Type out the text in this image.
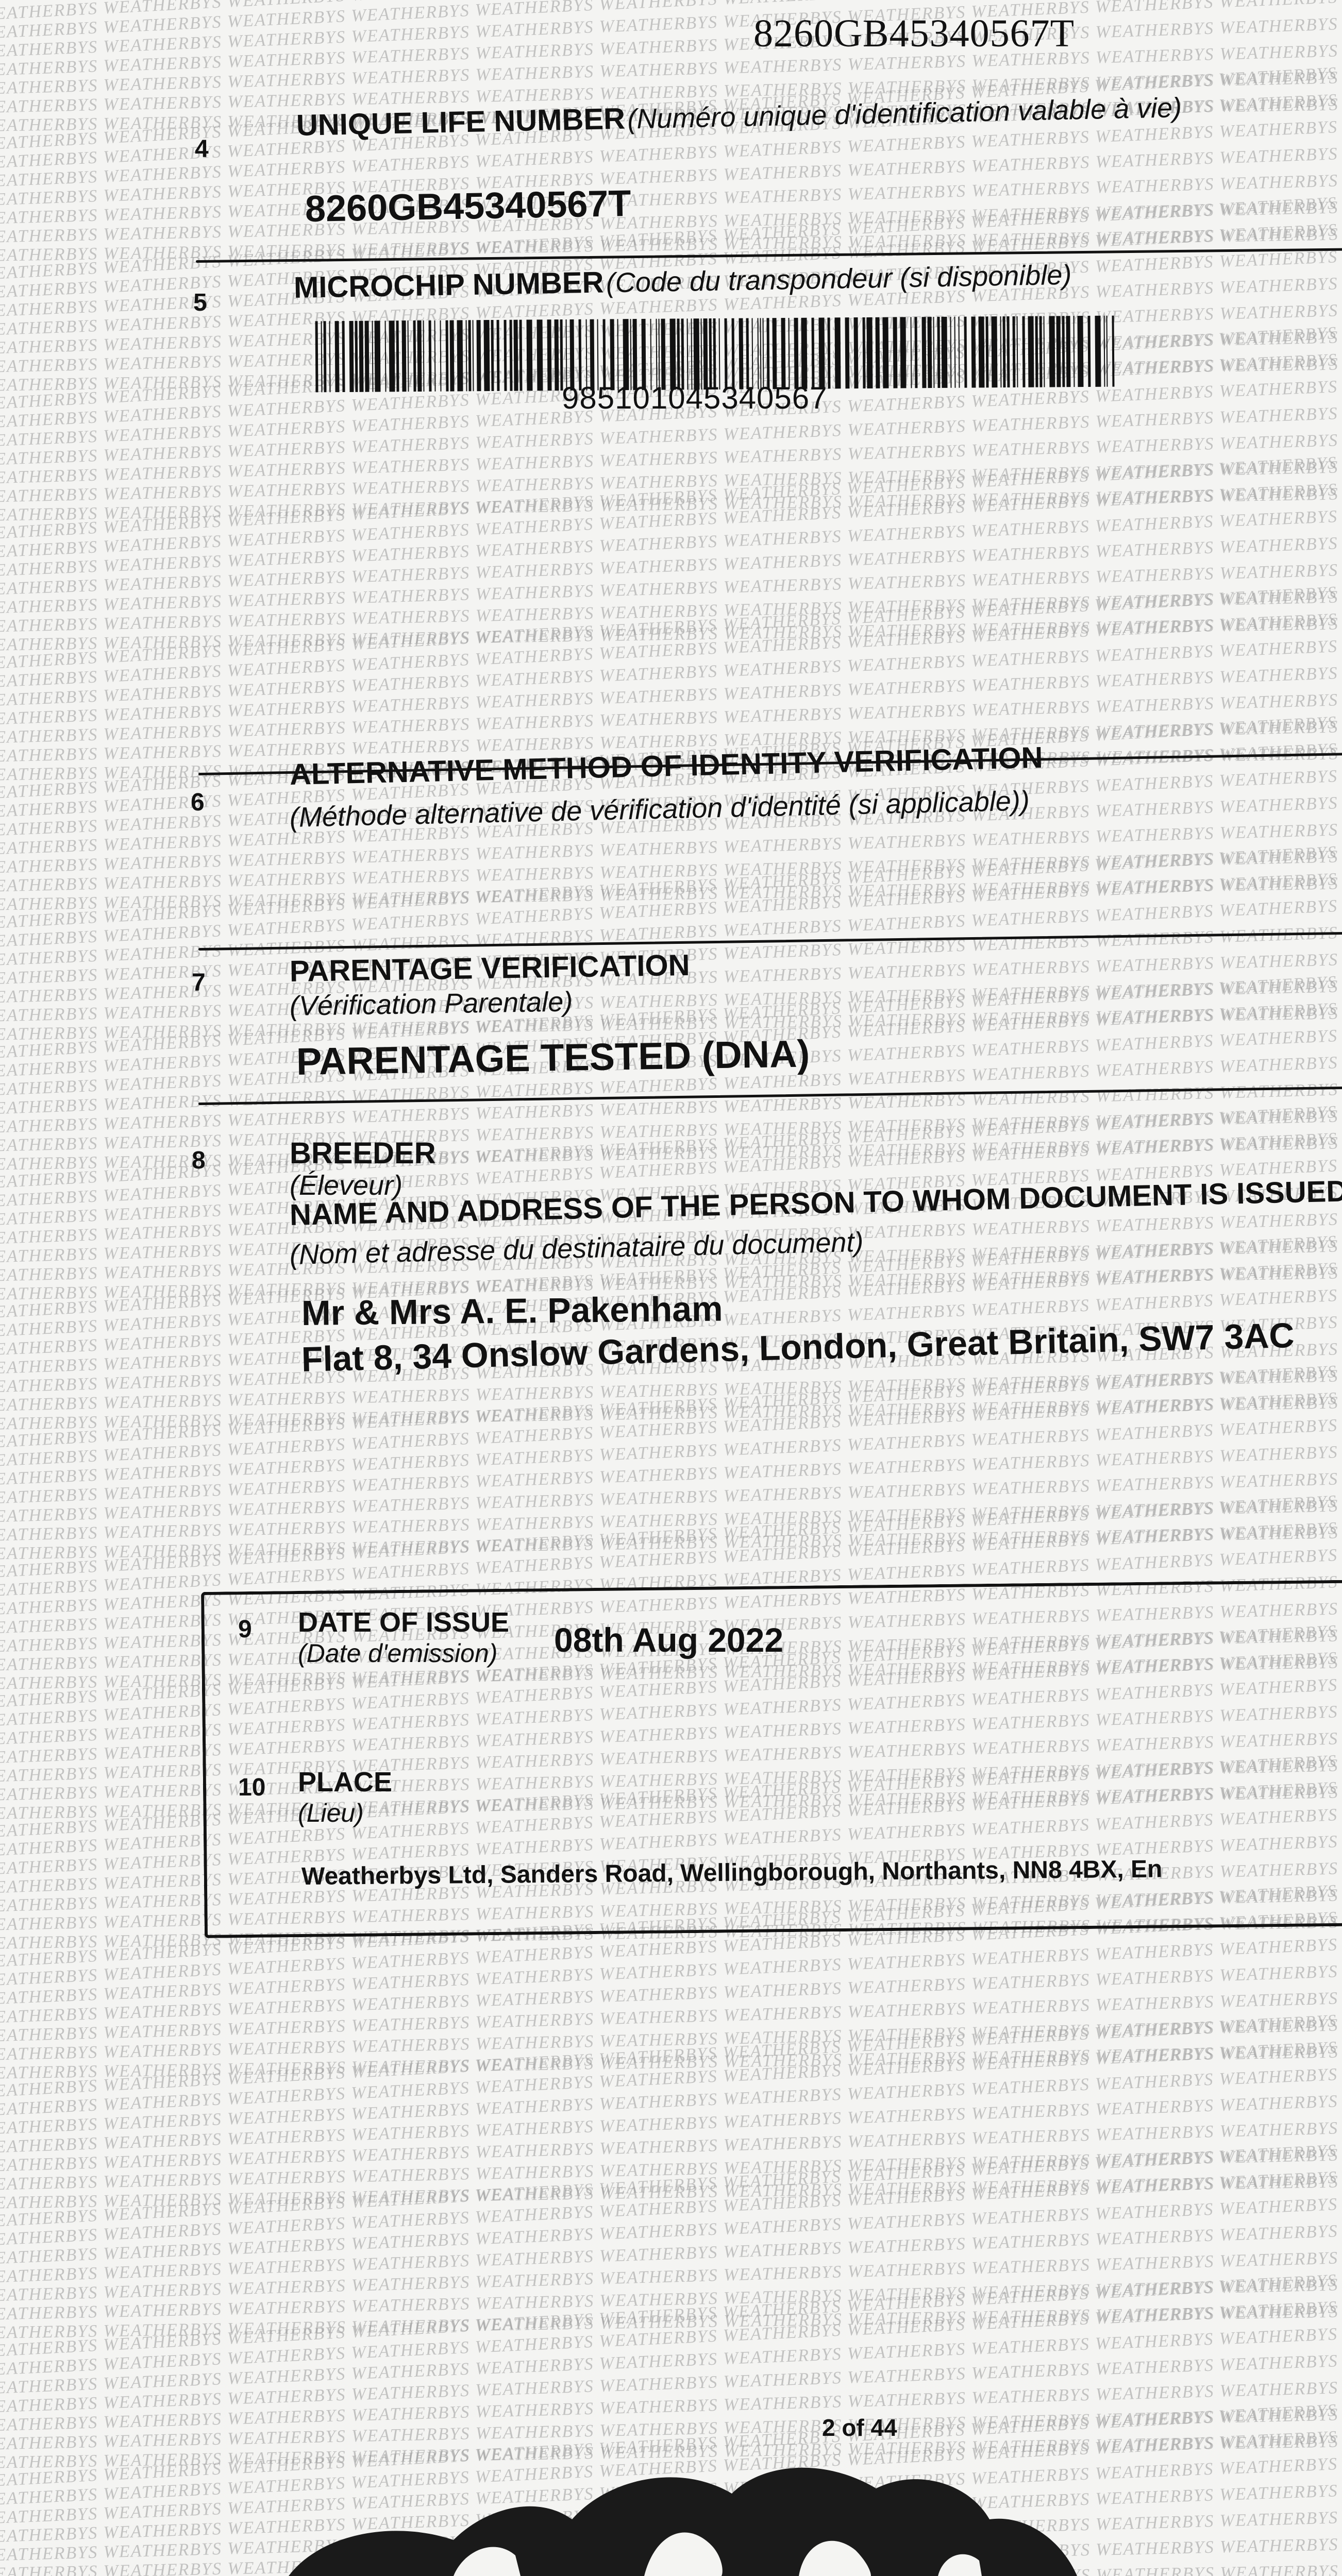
WEATHERBYS WEATHERBYS WEATHERBYS WEATHERBYS WEATHERBYS WEATHERBYS WEATHERBYS WEATHERBYS WEATHERBYS WEATHERBYS WEATHERBYS
WEATHERBYS WEATHERBYS WEATHERBYS WEATHERBYS WEATHERBYS WEATHERBYS WEATHERBYS WEATHERBYS WEATHERBYS WEATHERBYS WEATHERBYS
WEATHERBYS WEATHERBYS WEATHERBYS WEATHERBYS WEATHERBYS WEATHERBYS WEATHERBYS WEATHERBYS WEATHERBYS WEATHERBYS WEATHERBYS
WEATHERBYS WEATHERBYS WEATHERBYS WEATHERBYS WEATHERBYS WEATHERBYS WEATHERBYS WEATHERBYS WEATHERBYS WEATHERBYS WEATHERBYS
WEATHERBYS WEATHERBYS WEATHERBYS WEATHERBYS WEATHERBYS WEATHERBYS WEATHERBYS WEATHERBYS WEATHERBYS WEATHERBYS WEATHERBYS
WEATHERBYS WEATHERBYS WEATHERBYS WEATHERBYS WEATHERBYS WEATHERBYS WEATHERBYS WEATHERBYS WEATHERBYS WEATHERBYS WEATHERBYS
WEATHERBYS WEATHERBYS WEATHERBYS WEATHERBYS WEATHERBYS WEATHERBYS WEATHERBYS WEATHERBYS WEATHERBYS WEATHERBYS WEATHERBYS
WEATHERBYS WEATHERBYS WEATHERBYS WEATHERBYS WEATHERBYS WEATHERBYS WEATHERBYS WEATHERBYS WEATHERBYS WEATHERBYS WEATHERBYS
WEATHERBYS WEATHERBYS WEATHERBYS WEATHERBYS WEATHERBYS WEATHERBYS WEATHERBYS WEATHERBYS WEATHERBYS WEATHERBYS
WEATHERBYS WEATHERBYS WEATHERBYS WEATHERBYS WEATHERBYS WEATHERBYS WEATHERBYS WEATHERBYS WEATHERBYS WEATHERBYS WEATHERBYS
WEATHERBYS WEATHERBYS WEATHERBYS WEATHERBYS WEATHERBYS WEATHERBYS WEATHERBYS WEATHERBYS WEATHERBYS WEATHERBYS WEATHERBYS
WEATHERBYS WEATHERBYS WEATHERBYS WEATHERBYS WEATHERBYS WEATHERBYS WEATHERBYS WEATHERBYS WEATHERBYS
WEATHERBYS WEATHERBYS WEATHERBYS WEATHERBYS WEATHERBYS WEATHERBYS WEATHERBYS WEATHERBYS WEATHERBYS
WEATHERBYS WEATHERBYS WEATHERBYS WEATHERBYS WEATHERBYS WEATHERBYS WEATHERBYS WEATHERBYS WEATHERBYS
WEATHERBYS WEATHERBYS WEATHERBYS WEATHERBYS WEATHERBYS WEATHERBYS WEATHERBYS WEATHERBYS WEATHERBYS
WEATHERBYS WEATHERBYS WEATHERBYS WEATHERBYS WEATHERBYS WEATHERBYS WEATHERBYS WEATHERBYS WEATHERBYS
WEATHERBYS WEATHERBYS WEATHERBYS WEATHERBYS WEATHERBYS WEATHERBYS WEATHERBYS WEATHERBYS WEATHERBYS WEATHERBYS WEATHERBYS
WEATHERBYS WEATHERBYS WEATHERBYS WEATHERBYS WEATHERBYS WEATHERBYS WEATHERBYS WEATHERBYS WEATHERBYS WEATHERBYS WEATHERBYS
WEATHERBYS WEATHERBYS WEATHERBYS WEATHERBYS WEATHERBYS WEATHERBYS WEATHERBYS WEATHERBYS WEATHERBYS WEATHERBYS WEATHERBYS
WEATHERBYS WEATHERBYS WEATHERBYS WEATHERBYS WEATHERBYS WEATHERBYS WEATHERBYS WEATHERBYS WEATHERBYS WEATHERBYS WEATHERBYS
WEATHERBYS WEATHERBYS WEATHERBYS WEATHERBYS WEATHERBYS WEATHERBYS WEATHERBYS WEATHERBYS WEATHERBYS WEATHERBYS WEATHERBYS
WEATHERBYS WEATHERBYS WEATHERBYS WEATHERBYS WEATHERBYS WEATHERBYS WEATHERBYS WEATHERBYS WEATHERBYS WEATHERBYS WEATHERBYS
WEATHERBYS WEATHERBYS WEATHERBYS WEATHERBYS WEATHERBYS WEATHERBYS WEATHERBYS WEATHERBYS WEATHERBYS WEATHERBYS WEATHERBYS
WEATHERBYS WEATHERBYS WEATHERBYS WEATHERBYS WEATHERBYS WEATHERBYS WEATHERBYS WEATHERBYS WEATHERBYS WEATHERBYS WEATHERBYS
WEATHERBYS WEATHERBYS WEATHERBYS WEATHERBYS WEATHERBYS WEATHERBYS WEATHERBYS WEATHERBYS WEATHERBYS WEATHERBYS WEATHERBYS
WEATHERBYS WEATHERBYS WEATHERBYS WEATHERBYS WEATHERBYS WEATHERBYS WEATHERBYS WEATHERBYS WEATHERBYS WEATHERBYS WEATHERBYS
WEATHERBYS WEATHERBYS WEATHERBYS WEATHERBYS WEATHERBYS WEATHERBYS WEATHERBYS WEATHERBYS WEATHERBYS WEATHERBYS WEATHERBYS
WEATHERBYS WEATHERBYS WEATHERBYS WEATHERBYS WEATHERBYS WEATHERBYS WEATHERBYS WEATHERBYS WEATHERBYS WEATHERBYS WEATHERBYS
WEATHERBYS WEATHERBYS WEATHERBYS WEATHERBYS WEATHERBYS WEATHERBYS WEATHERBYS WEATHERBYS WEATHERBYS WEATHERBYS WEATHERBYS
WEATHERBYS WEATHERBYS WEATHERBYS WEATHERBYS WEATHERBYS WEATHERBYS WEATHERBYS WEATHERBYS WEATHERBYS WEATHERBYS WEATHERBYS
WEATHERBYS WEATHERBYS WEATHERBYS WEATHERBYS WEATHERBYS WEATHERBYS WEATHERBYS WEATHERBYS WEATHERBYS WEATHERBYS WEATHERBYS
WEATHERBYS WEATHERBYS WEATHERBYS WEATHERBYS WEATHERBYS WEATHERBYS WEATHERBYS WEATHERBYS WEATHERBYS WEATHERBYS WEATHERBYS
WEATHERBYS WEATHERBYS WEATHERBYS WEATHERBYS WEATHERBYS WEATHERBYS WEATHERBYS WEATHERBYS WEATHERBYS WEATHERBYS WEATHERBYS
WEATHERBYS WEATHERBYS WEATHERBYS WEATHERBYS WEATHERBYS WEATHERBYS WEATHERBYS WEATHERBYS WEATHERBYS WEATHERBYS WEATHERBYS
WEATHERBYS WEATHERBYS WEATHERBYS WEATHERBYS WEATHERBYS WEATHERBYS
WEATHERBYS WEATHERBYS WEATHERBYS WEATHERBYS WEATHERBYS WEATHERBYS WEATHERBYS WEATHERBYS WEATHERBYS WEATHERBYS
WEATHERBYS WEATHERBYS WEATHERBYS WEATHERBYS WEATHERBYS WEATHERBYS WEATHERBYS WEATHERBYS WEATHERBYS WEATHERBYS
WEATHERBYS WEATHERBYS WEATHERBYS WEATHERBYS WEATHERBYS WEATHERBYS WEATHERBYS WEATHERBYS WEATHERBYS WEATHERBYS WEATHERBYS
WEATHERBYS WEATHERBYS WEATHERBYS WEATHERBYS WEATHERBYS WEATHERBYS WEATHERBYS WEATHERBYS WEATHERBYS WEATHERBYS WEATHERBYS
WEATHERBYS WEATHERBYS WEATHERBYS WEATHERBYS WEATHERBYS WEATHERBYS WEATHERBYS WEATHERBYS WEATHERBYS WEATHERBYS WEATHERBYS
WEATHERBYS WEATHERBYS WEATHERBYS WEATHERBYS WEATHERBYS WEATHERBYS WEATHERBYS WEATHERBYS WEATHERBYS WEATHERBYS WEATHERBYS
WEATHERBYS WEATHERBYS WEATHERBYS WEATHERBYS WEATHERBYS WEATHERBYS WEATHERBYS WEATHERBYS WEATHERBYS WEATHERBYS WEATHERBYS
WEATHERBYS WEATHERBYS WEATHERBYS WEATHERBYS WEATHERBYS WEATHERBYS WEATHERBYS WEATHERBYS WEATHERBYS WEATHERBYS WEATHERBYS
WEATHERBYS WEATHERBYS WEATHERBYS WEATHERBYS WEATHERBYS WEATHERBYS WEATHERBYS WEATHERBYS WEATHERBYS WEATHERBYS WEATHERBYS
WEATHERBYS WEATHERBYS WEATHERBYS WEATHERBYS WEATHERBYS WEATHERBYS WEATHERBYS WEATHERBYS WEATHERBYS WEATHERBYS WEATHERBYS
WEATHERBYS WEATHERBYS WEATHERBYS WEATHERBYS WEATHERBYS WEATHERBYS WEATHERBYS WEATHERBYS WEATHERBYS WEATHERBYS
WEATHERBYS WEATHERBYS WEATHERBYS WEATHERBYS WEATHERBYS WEATHERBYS WEATHERBYS WEATHERBYS WEATHERBYS WEATHERBYS WEATHERBYS
WEATHERBYS WEATHERBYS WEATHERBYS WEATHERBYS WEATHERBYS WEATHERBYS WEATHERBYS WEATHERBYS WEATHERBYS WEATHERBYS WEATHERBYS
WEATHERBYS WEATHERBYS WEATHERBYS WEATHERBYS WEATHERBYS WEATHERBYS WEATHERBYS WEATHERBYS WEATHERBYS WEATHERBYS WEATHERBYS
WEATHERBYS WEATHERBYS WEATHERBYS WEATHERBYS WEATHERBYS WEATHERBYS WEATHERBYS WEATHERBYS WEATHERBYS WEATHERBYS WEATHERBYS
WEATHERBYS WEATHERBYS WEATHERBYS WEATHERBYS WEATHERBYS WEATHERBYS WEATHERBYS WEATHERBYS WEATHERBYS WEATHERBYS WEATHERBYS
WEATHERBYS WEATHERBYS WEATHERBYS WEATHERBYS WEATHERBYS WEATHERBYS WEATHERBYS WEATHERBYS WEATHERBYS WEATHERBYS WEATHERBYS
WEATHERBYS WEATHERBYS WEATHERBYS WEATHERBYS WEATHERBYS WEATHERBYS WEATHERBYS WEATHERBYS WEATHERBYS WEATHERBYS WEATHERBYS
WEATHERBYS WEATHERBYS WEATHERBYS WEATHERBYS WEATHERBYS WEATHERBYS WEATHERBYS WEATHERBYS WEATHERBYS WEATHERBYS WEATHERBYS
WEATHERBYS WEATHERBYS WEATHERBYS WEATHERBYS WEATHERBYS WEATHERBYS WEATHERBYS WEATHERBYS WEATHERBYS WEATHERBYS WEATHERBYS
WEATHERBYS WEATHERBYS WEATHERBYS WEATHERBYS WEATHERBYS WEATHERBYS WEATHERBYS WEATHERBYS WEATHERBYS WEATHERBYS WEATHERBYS
WEATHERBYS WEATHERBYS WEATHERBYS WEATHERBYS WEATHERBYS WEATHERBYS WEATHERBYS WEATHERBYS WEATHERBYS WEATHERBYS WEATHERBYS
WEATHERBYS WEATHERBYS WEATHERBYS WEATHERBYS WEATHERBYS WEATHERBYS WEATHERBYS WEATHERBYS WEATHERBYS WEATHERBYS WEATHERBYS
WEATHERBYS WEATHERBYS WEATHERBYS WEATHERBYS WEATHERBYS WEATHERBYS WEATHERBYS WEATHERBYS WEATHERBYS WEATHERBYS WEATHERBYS
WEATHERBYS WEATHERBYS WEATHERBYS WEATHERBYS WEATHERBYS WEATHERBYS WEATHERBYS WEATHERBYS WEATHERBYS WEATHERBYS WEATHERBYS
WEATHERBYS WEATHERBYS WEATHERBYS WEATHERBYS WEATHERBYS WEATHERBYS WEATHERBYS WEATHERBYS WEATHERBYS WEATHERBYS WEATHERBYS
WEATHERBYS WEATHERBYS WEATHERBYS WEATHERBYS WEATHERBYS WEATHERBYS WEATHERBYS WEATHERBYS WEATHERBYS WEATHERBYS WEATHERBYS
WEATHERBYS WEATHERBYS WEATHERBYS WEATHERBYS WEATHERBYS WEATHERBYS WEATHERBYS WEATHERBYS WEATHERBYS WEATHERBYS WEATHERBYS
WEATHERBYS WEATHERBYS WEATHERBYS WEATHERBYS WEATHERBYS WEATHERBYS WEATHERBYS WEATHERBYS WEATHERBYS WEATHERBYS WEATHERBYS
WEATHERBYS WEATHERBYS WEATHERBYS WEATHERBYS WEATHERBYS WEATHERBYS WEATHERBYS WEATHERBYS WEATHERBYS WEATHERBYS WEATHERBYS
WEATHERBYS WEATHERBYS WEATHERBYS WEATHERBYS WEATHERBYS WEATHERBYS WEATHERBYS WEATHERBYS WEATHERBYS WEATHERBYS WEATHERBYS
WEATHERBYS WEATHERBYS WEATHERBYS WEATHERBYS WEATHERBYS WEATHERBYS WEATHERBYS WEATHERBYS WEATHERBYS WEATHERBYS WEATHERBYS
WEATHERBYS WEATHERBYS WEATHERBYS WEATHERBYS WEATHERBYS WEATHERBYS WEATHERBYS WEATHERBYS WEATHERBYS WEATHERBYS WEATHERBYS
WEATHERBYS WEATHERBYS WEATHERBYS WEATHERBYS WEATHERBYS WEATHERBYS WEATHERBYS WEATHERBYS WEATHERBYS WEATHERBYS WEATHERBYS
WEATHERBYS WEATHERBYS WEATHERBYS WEATHERBYS WEATHERBYS WEATHERBYS WEATHERBYS WEATHERBYS WEATHERBYS WEATHERBYS WEATHERBYS
WEATHERBYS WEATHERBYS WEATHERBYS WEATHERBYS WEATHERBYS WEATHERBYS WEATHERBYS WEATHERBYS WEATHERBYS WEATHERBYS WEATHERBYS
WEATHERBYS WEATHERBYS WEATHERBYS WEATHERBYS WEATHERBYS WEATHERBYS WEATHERBYS WEATHERBYS WEATHERBYS WEATHERBYS WEATHERBYS
WEATHERBYS WEATHERBYS WEATHERBYS WEATHERBYS WEATHERBYS WEATHERBYS WEATHERBYS WEATHERBYS WEATHERBYS WEATHERBYS WEATHERBYS
WEATHERBYS WEATHERBYS WEATHERBYS WEATHERBYS WEATHERBYS WEATHERBYS WEATHERBYS WEATHERBYS WEATHERBYS WEATHERBYS WEATHERBYS
WEATHERBYS WEATHERBYS WEATHERBYS WEATHERBYS WEATHERBYS WEATHERBYS WEATHERBYS WEATHERBYS WEATHERBYS WEATHERBYS WEATHERBYS
WEATHERBYS WEATHERBYS WEATHERBYS WEATHERBYS WEATHERBYS WEATHERBYS WEATHERBYS WEATHERBYS WEATHERBYS WEATHERBYS WEATHERBYS
WEATHERBYS WEATHERBYS WEATHERBYS WEATHERBYS WEATHERBYS WEATHERBYS WEATHERBYS WEATHERBYS WEATHERBYS WEATHERBYS WEATHERBYS
WEATHERBYS WEATHERBYS WEATHERBYS WEATHERBYS WEATHERBYS WEATHERBYS WEATHERBYS WEATHERBYS WEATHERBYS WEATHERBYS WEATHERBYS
WEATHERBYS WEATHERBYS WEATHERBYS WEATHERBYS WEATHERBYS WEATHERBYS WEATHERBYS WEATHERBYS WEATHERBYS WEATHERBYS WEATHERBYS
WEATHERBYS WEATHERBYS WEATHERBYS WEATHERBYS WEATHERBYS WEATHERBYS WEATHERBYS WEATHERBYS WEATHERBYS WEATHERBYS WEATHERBYS
WEATHERBYS WEATHERBYS WEATHERBYS WEATHERBYS WEATHERBYS WEATHERBYS WEATHERBYS WEATHERBYS WEATHERBYS WEATHERBYS WEATHERBYS
WEATHERBYS WEATHERBYS WEATHERBYS WEATHERBYS WEATHERBYS WEATHERBYS WEATHERBYS WEATHERBYS WEATHERBYS WEATHERBYS WEATHERBYS
WEATHERBYS WEATHERBYS WEATHERBYS WEATHERBYS WEATHERBYS WEATHERBYS WEATHERBYS WEATHERBYS WEATHERBYS WEATHERBYS WEATHERBYS
WEATHERBYS WEATHERBYS WEATHERBYS WEATHERBYS WEATHERBYS WEATHERBYS WEATHERBYS WEATHERBYS WEATHERBYS WEATHERBYS WEATHERBYS
WEATHERBYS WEATHERBYS WEATHERBYS WEATHERBYS WEATHERBYS WEATHERBYS WEATHERBYS WEATHERBYS WEATHERBYS WEATHERBYS WEATHERBYS
WEATHERBYS WEATHERBYS WEATHERBYS WEATHERBYS WEATHERBYS WEATHERBYS WEATHERBYS WEATHERBYS WEATHERBYS WEATHERBYS WEATHERBYS
WEATHERBYS WEATHERBYS WEATHERBYS WEATHERBYS WEATHERBYS WEATHERBYS WEATHERBYS WEATHERBYS WEATHERBYS WEATHERBYS WEATHERBYS
WEATHERBYS WEATHERBYS WEATHERBYS WEATHERBYS WEATHERBYS WEATHERBYS WEATHERBYS WEATHERBYS WEATHERBYS WEATHERBYS WEATHERBYS
WEATHERBYS WEATHERBYS WEATHERBYS WEATHERBYS WEATHERBYS WEATHERBYS WEATHERBYS WEATHERBYS WEATHERBYS WEATHERBYS WEATHERBYS
WEATHERBYS WEATHERBYS WEATHERBYS WEATHERBYS WEATHERBYS WEATHERBYS WEATHERBYS WEATHERBYS WEATHERBYS WEATHERBYS WEATHERBYS
WEATHERBYS WEATHERBYS WEATHERBYS WEATHERBYS WEATHERBYS WEATHERBYS WEATHERBYS WEATHERBYS WEATHERBYS WEATHERBYS WEATHERBYS
WEATHERBYS WEATHERBYS WEATHERBYS WEATHERBYS WEATHERBYS WEATHERBYS WEATHERBYS WEATHERBYS WEATHERBYS WEATHERBYS WEATHERBYS
WEATHERBYS WEATHERBYS WEATHERBYS WEATHERBYS WEATHERBYS WEATHERBYS WEATHERBYS WEATHERBYS WEATHERBYS WEATHERBYS WEATHERBYS
WEATHERBYS WEATHERBYS WEATHERBYS WEATHERBYS WEATHERBYS WEATHERBYS WEATHERBYS WEATHERBYS WEATHERBYS WEATHERBYS WEATHERBYS
WEATHERBYS WEATHERBYS WEATHERBYS WEATHERBYS WEATHERBYS WEATHERBYS WEATHERBYS WEATHERBYS WEATHERBYS WEATHERBYS WEATHERBYS
WEATHERBYS WEATHERBYS WEATHERBYS WEATHERBYS WEATHERBYS WEATHERBYS WEATHERBYS WEATHERBYS WEATHERBYS WEATHERBYS WEATHERBYS
WEATHERBYS WEATHERBYS WEATHERBYS WEATHERBYS WEATHERBYS WEATHERBYS WEATHERBYS WEATHERBYS WEATHERBYS WEATHERBYS WEATHERBYS
WEATHERBYS WEATHERBYS WEATHERBYS WEATHERBYS WEATHERBYS WEATHERBYS WEATHERBYS WEATHERBYS WEATHERBYS WEATHERBYS WEATHERBYS
WEATHERBYS WEATHERBYS WEATHERBYS WEATHERBYS WEATHERBYS WEATHERBYS WEATHERBYS WEATHERBYS WEATHERBYS WEATHERBYS WEATHERBYS
WEATHERBYS WEATHERBYS WEATHERBYS WEATHERBYS WEATHERBYS WEATHERBYS WEATHERBYS WEATHERBYS WEATHERBYS WEATHERBYS WEATHERBYS
WEATHERBYS WEATHERBYS WEATHERBYS WEATHERBYS WEATHERBYS WEATHERBYS WEATHERBYS WEATHERBYS WEATHERBYS WEATHERBYS WEATHERBYS
WEATHERBYS WEATHERBYS WEATHERBYS WEATHERBYS WEATHERBYS WEATHERBYS WEATHERBYS WEATHERBYS WEATHERBYS WEATHERBYS WEATHERBYS
WEATHERBYS WEATHERBYS WEATHERBYS WEATHERBYS WEATHERBYS WEATHERBYS WEATHERBYS WEATHERBYS WEATHERBYS WEATHERBYS WEATHERBYS
WEATHERBYS WEATHERBYS WEATHERBYS WEATHERBYS WEATHERBYS WEATHERBYS WEATHERBYS WEATHERBYS WEATHERBYS WEATHERBYS WEATHERBYS
WEATHERBYS WEATHERBYS WEATHERBYS WEATHERBYS WEATHERBYS WEATHERBYS WEATHERBYS WEATHERBYS WEATHERBYS WEATHERBYS WEATHERBYS
WEATHERBYS WEATHERBYS WEATHERBYS WEATHERBYS WEATHERBYS WEATHERBYS WEATHERBYS WEATHERBYS WEATHERBYS WEATHERBYS WEATHERBYS
WEATHERBYS WEATHERBYS WEATHERBYS WEATHERBYS WEATHERBYS WEATHERBYS WEATHERBYS WEATHERBYS WEATHERBYS WEATHERBYS WEATHERBYS
WEATHERBYS WEATHERBYS WEATHERBYS WEATHERBYS WEATHERBYS WEATHERBYS WEATHERBYS WEATHERBYS WEATHERBYS WEATHERBYS WEATHERBYS
WEATHERBYS WEATHERBYS WEATHERBYS WEATHERBYS WEATHERBYS WEATHERBYS WEATHERBYS WEATHERBYS WEATHERBYS WEATHERBYS WEATHERBYS
WEATHERBYS WEATHERBYS WEATHERBYS WEATHERBYS WEATHERBYS WEATHERBYS WEATHERBYS WEATHERBYS WEATHERBYS WEATHERBYS WEATHERBYS
WEATHERBYS WEATHERBYS WEATHERBYS WEATHERBYS WEATHERBYS WEATHERBYS WEATHERBYS WEATHERBYS WEATHERBYS WEATHERBYS WEATHERBYS
WEATHERBYS WEATHERBYS WEATHERBYS WEATHERBYS WEATHERBYS WEATHERBYS WEATHERBYS WEATHERBYS WEATHERBYS WEATHERBYS WEATHERBYS
WEATHERBYS WEATHERBYS WEATHERBYS WEATHERBYS WEATHERBYS WEATHERBYS WEATHERBYS WEATHERBYS WEATHERBYS WEATHERBYS WEATHERBYS
WEATHERBYS WEATHERBYS WEATHERBYS WEATHERBYS WEATHERBYS WEATHERBYS WEATHERBYS WEATHERBYS WEATHERBYS WEATHERBYS WEATHERBYS
WEATHERBYS WEATHERBYS WEATHERBYS WEATHERBYS WEATHERBYS WEATHERBYS WEATHERBYS WEATHERBYS WEATHERBYS WEATHERBYS WEATHERBYS
WEATHERBYS WEATHERBYS WEATHERBYS WEATHERBYS WEATHERBYS WEATHERBYS WEATHERBYS WEATHERBYS WEATHERBYS WEATHERBYS WEATHERBYS
WEATHERBYS WEATHERBYS WEATHERBYS WEATHERBYS WEATHERBYS WEATHERBYS WEATHERBYS WEATHERBYS WEATHERBYS WEATHERBYS WEATHERBYS
WEATHERBYS WEATHERBYS WEATHERBYS WEATHERBYS WEATHERBYS WEATHERBYS WEATHERBYS WEATHERBYS WEATHERBYS WEATHERBYS WEATHERBYS
WEATHERBYS WEATHERBYS WEATHERBYS WEATHERBYS WEATHERBYS WEATHERBYS WEATHERBYS WEATHERBYS WEATHERBYS WEATHERBYS WEATHERBYS
WEATHERBYS WEATHERBYS WEATHERBYS WEATHERBYS WEATHERBYS WEATHERBYS WEATHERBYS WEATHERBYS WEATHERBYS WEATHERBYS WEATHERBYS
WEATHERBYS WEATHERBYS WEATHERBYS WEATHERBYS WEATHERBYS WEATHERBYS WEATHERBYS WEATHERBYS WEATHERBYS WEATHERBYS WEATHERBYS
WEATHERBYS WEATHERBYS WEATHERBYS WEATHERBYS WEATHERBYS WEATHERBYS WEATHERBYS WEATHERBYS WEATHERBYS WEATHERBYS WEATHERBYS
WEATHERBYS WEATHERBYS WEATHERBYS WEATHERBYS WEATHERBYS WEATHERBYS WEATHERBYS WEATHERBYS WEATHERBYS WEATHERBYS WEATHERBYS
WEATHERBYS WEATHERBYS WEATHERBYS WEATHERBYS WEATHERBYS WEATHERBYS WEATHERBYS WEATHERBYS WEATHERBYS WEATHERBYS WEATHERBYS
WEATHERBYS WEATHERBYS WEATHERBYS WEATHERBYS WEATHERBYS WEATHERBYS WEATHERBYS WEATHERBYS WEATHERBYS WEATHERBYS WEATHERBYS
WEATHERBYS WEATHERBYS WEATHERBYS WEATHERBYS WEATHERBYS WEATHERBYS WEATHERBYS WEATHERBYS WEATHERBYS WEATHERBYS WEATHERBYS
WEATHERBYS WEATHERBYS WEATHERBYS WEATHERBYS WEATHERBYS WEATHERBYS WEATHERBYS WEATHERBYS WEATHERBYS WEATHERBYS WEATHERBYS
WEATHERBYS WEATHERBYS WEATHERBYS WEATHERBYS WEATHERBYS WEATHERBYS WEATHERBYS WEATHERBYS WEATHERBYS WEATHERBYS WEATHERBYS
WEATHERBYS WEATHERBYS WEATHERBYS WEATHERBYS WEATHERBYS WEATHERBYS WEATHERBYS WEATHERBYS
WEATHERBYS WEATHERBYS WEATHERBYS WEATHERBYS WEATHERBYS WEATHERBYS WEATHERBYS
WEATHERBYS WEATHERBYS WEATHERBYS WEATHERBYS WEATHERBYS WEATHERBYS
WEATHERBYS WEATHERBYS WEATHERBYS WEATHERBYS WEATHERBYS
WEATHERBYS WEATHERBYS
8260GB45340567T
4
UNIQUE LIFE NUMBER (Numéro unique d'identification valable à vie)
8260GB45340567T
5	MICROCHIP NUMBER (Code du transpondeur (si disponible)
985101045340567
6
ALTERNATIVE METHOD OF IDENTITY VERIFICATION
(Méthode alternative de vérification d'identité (si applicable))
7	PARENTAGE VERIFICATION
(Vérification Parentale)
PARENTAGE TESTED (DNA)
8	BREEDER
(Éleveur)
NAME AND ADDRESS OF THE PERSON TO WHOM DOCUMENT IS ISSUED
(Nom et adresse du destinataire du document)
Mr & Mrs A. E. Pakenham
Flat 8, 34 Onslow Gardens, London, Great Britain, SW7 3AC
9 DATE OF ISSUE
(Date d'emission) 08th Aug 2022
10 PLACE
(Lieu)
Weatherbys Ltd, Sanders Road, Wellingborough, Northants, NN8 4BX, En
2 of 44
